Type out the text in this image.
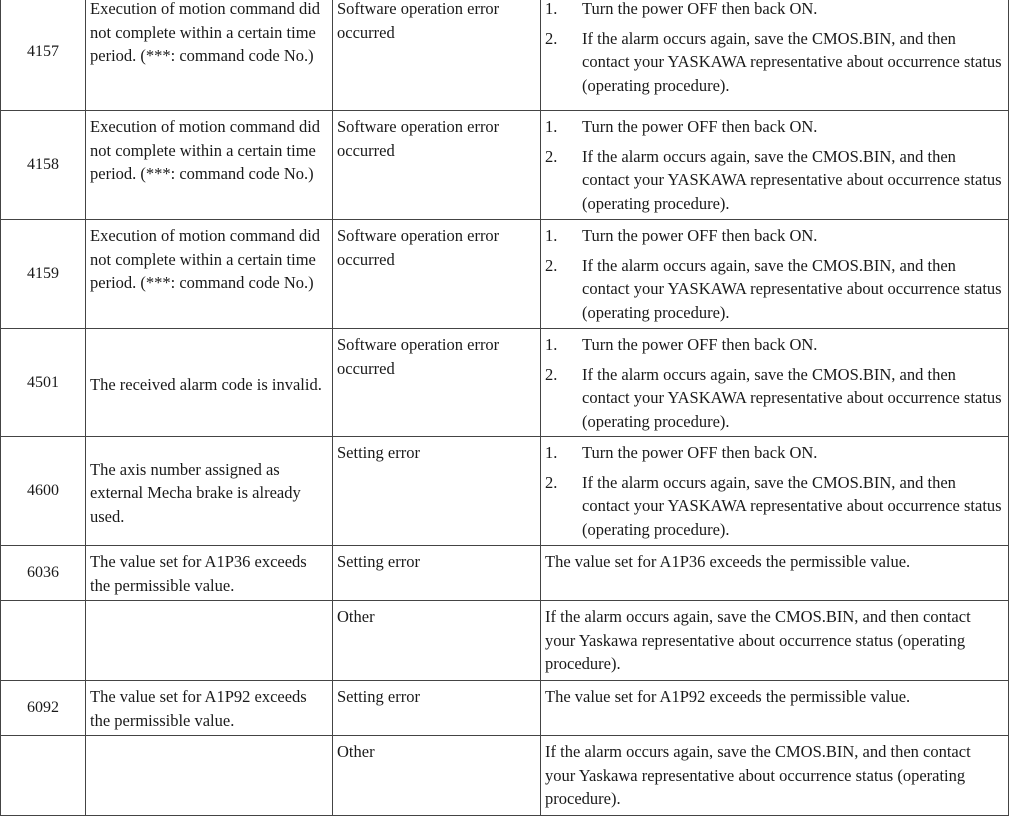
4157	Execution of motion command did not complete within a certain time period. (***: command code No.)	Software operation error occurred	1. Turn the power OFF then back ON.
2. If the alarm occurs again, save the CMOS.BIN, and then contact your YASKAWA representative about occurrence status (operating procedure).

4158	Execution of motion command did not complete within a certain time period. (***: command code No.)	Software operation error occurred	1. Turn the power OFF then back ON.
2. If the alarm occurs again, save the CMOS.BIN, and then contact your YASKAWA representative about occurrence status (operating procedure).

4159	Execution of motion command did not complete within a certain time period. (***: command code No.)	Software operation error occurred	1. Turn the power OFF then back ON.
2. If the alarm occurs again, save the CMOS.BIN, and then contact your YASKAWA representative about occurrence status (operating procedure).

4501	The received alarm code is invalid.	Software operation error occurred	1. Turn the power OFF then back ON.
2. If the alarm occurs again, save the CMOS.BIN, and then contact your YASKAWA representative about occurrence status (operating procedure).

4600	The axis number assigned as external Mecha brake is already used.	Setting error	1. Turn the power OFF then back ON.
2. If the alarm occurs again, save the CMOS.BIN, and then contact your YASKAWA representative about occurrence status (operating procedure).

6036	The value set for A1P36 exceeds the permissible value.	Setting error	The value set for A1P36 exceeds the permissible value.
		Other	If the alarm occurs again, save the CMOS.BIN, and then contact your Yaskawa representative about occurrence status (operating procedure).
6092	The value set for A1P92 exceeds the permissible value.	Setting error	The value set for A1P92 exceeds the permissible value.
		Other	If the alarm occurs again, save the CMOS.BIN, and then contact your Yaskawa representative about occurrence status (operating procedure).
